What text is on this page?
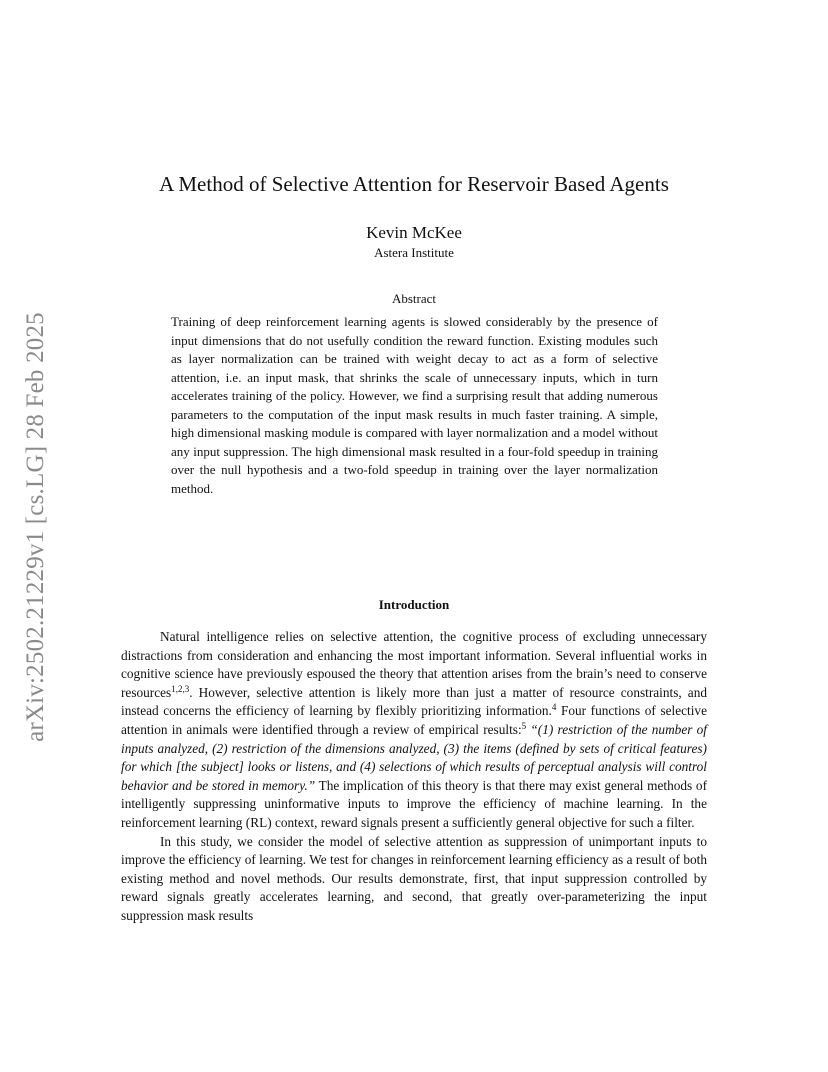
arXiv:2502.21229v1 [cs.LG] 28 Feb 2025
A Method of Selective Attention for Reservoir Based Agents
Kevin McKee
Astera Institute
Abstract

Training of deep reinforcement learning agents is slowed considerably by the presence of input dimensions that do not usefully condition the reward function. Existing modules such as layer normalization can be trained with weight decay to act as a form of selective attention, i.e. an input mask, that shrinks the scale of unnecessary inputs, which in turn accelerates training of the policy. However, we find a surprising result that adding numerous parameters to the computation of the input mask results in much faster training. A simple, high dimensional masking module is compared with layer normalization and a model without any input suppression. The high dimensional mask resulted in a four-fold speedup in training over the null hypothesis and a two-fold speedup in training over the layer normalization method.

Introduction

Natural intelligence relies on selective attention, the cognitive process of excluding unnecessary distractions from consideration and enhancing the most important information. Several influential works in cognitive science have previously espoused the theory that attention arises from the brain’s need to conserve resources$^{1,2,3}$. However, selective attention is likely more than just a matter of resource constraints, and instead concerns the efficiency of learning by flexibly prioritizing information.$^4$ Four functions of selective attention in animals were identified through a review of empirical results:$^5$ “(1) restriction of the number of inputs analyzed, (2) restriction of the dimensions analyzed, (3) the items (defined by sets of critical features) for which [the subject] looks or listens, and (4) selections of which results of perceptual analysis will control behavior and be stored in memory.” The implication of this theory is that there may exist general methods of intelligently suppressing uninformative inputs to improve the efficiency of machine learning. In the reinforcement learning (RL) context, reward signals present a sufficiently general objective for such a filter.

In this study, we consider the model of selective attention as suppression of unimportant inputs to improve the efficiency of learning. We test for changes in reinforcement learning efficiency as a result of both existing method and novel methods. Our results demonstrate, first, that input suppression controlled by reward signals greatly accelerates learning, and second, that greatly over-parameterizing the input suppression mask results
